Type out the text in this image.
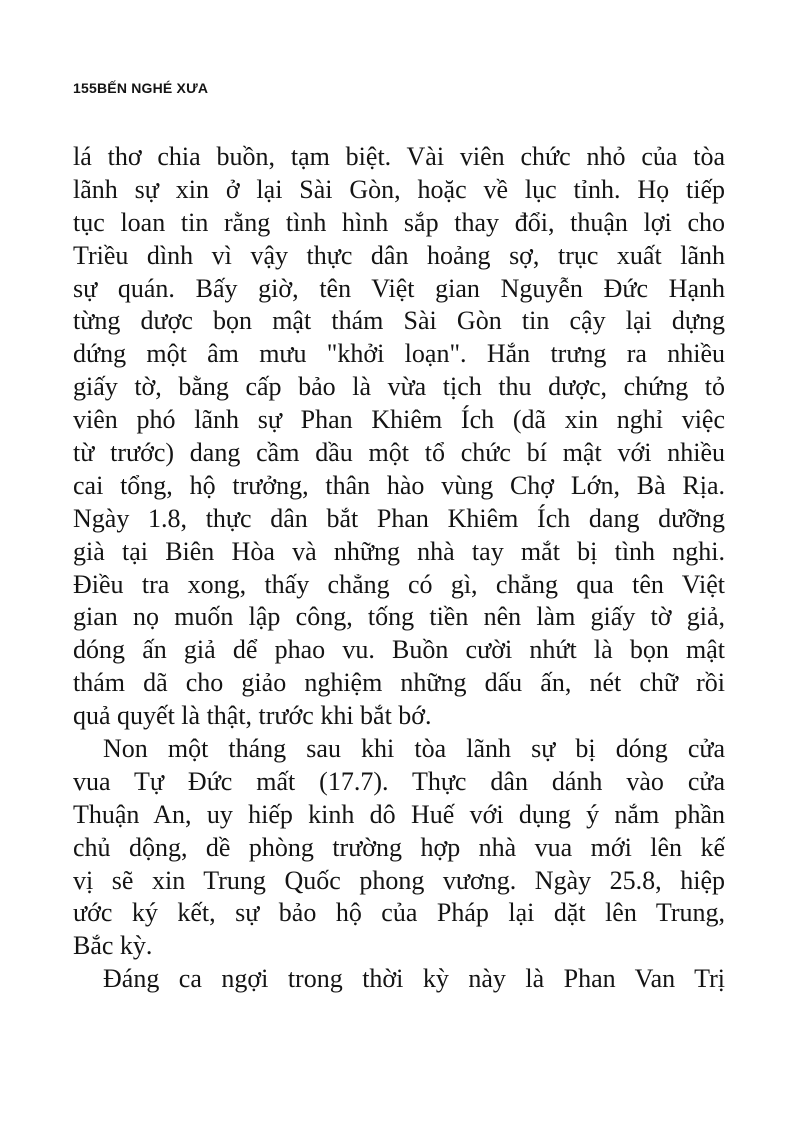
155BẾN NGHÉ XƯA
lá thơ chia buồn, tạm biệt. Vài viên chức nhỏ của tòa
lãnh sự xin ở lại Sài Gòn, hoặc về lục tỉnh. Họ tiếp
tục loan tin rằng tình hình sắp thay đổi, thuận lợi cho
Triều dình vì vậy thực dân hoảng sợ, trục xuất lãnh
sự quán. Bấy giờ, tên Việt gian Nguyễn Đức Hạnh
từng dược bọn mật thám Sài Gòn tin cậy lại dựng
dứng một âm mưu "khởi loạn". Hắn trưng ra nhiều
giấy tờ, bằng cấp bảo là vừa tịch thu dược, chứng tỏ
viên phó lãnh sự Phan Khiêm Ích (dã xin nghỉ việc
từ trước) dang cầm dầu một tổ chức bí mật với nhiều
cai tổng, hộ trưởng, thân hào vùng Chợ Lớn, Bà Rịa.
Ngày 1.8, thực dân bắt Phan Khiêm Ích dang dưỡng
già tại Biên Hòa và những nhà tay mắt bị tình nghi.
Điều tra xong, thấy chẳng có gì, chẳng qua tên Việt
gian nọ muốn lập công, tống tiền nên làm giấy tờ giả,
dóng ấn giả dể phao vu. Buồn cười nhứt là bọn mật
thám dã cho giảo nghiệm những dấu ấn, nét chữ rồi
quả quyết là thật, trước khi bắt bớ.
Non một tháng sau khi tòa lãnh sự bị dóng cửa
vua Tự Đức mất (17.7). Thực dân dánh vào cửa
Thuận An, uy hiếp kinh dô Huế với dụng ý nắm phần
chủ dộng, dề phòng trường hợp nhà vua mới lên kế
vị sẽ xin Trung Quốc phong vương. Ngày 25.8, hiệp
ước ký kết, sự bảo hộ của Pháp lại dặt lên Trung,
Bắc kỳ.
Đáng ca ngợi trong thời kỳ này là Phan Van Trị
